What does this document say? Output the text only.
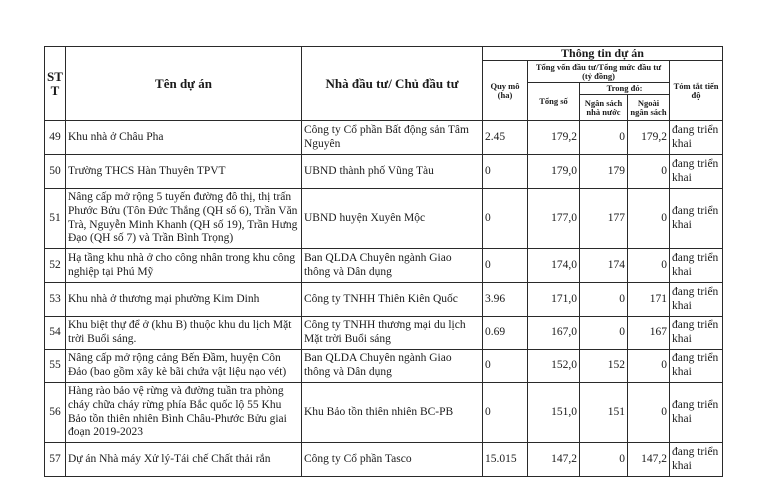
STT	Tên dự án	Nhà đầu tư/ Chủ đầu tư	Thông tin dự án				
			Quy mô (ha)	Tổng vốn đầu tư/Tổng mức đầu tư (tỷ đồng)			Tóm tắt tiến độ
				Tổng số	Trong đó:		
					Ngân sách nhà nước	Ngoài ngân sách	
49	Khu nhà ở Châu Pha	Công ty Cổ phần Bất động sản Tâm Nguyên	2.45	179,2	0	179,2	đang triển khai
50	Trường THCS Hàn Thuyên TPVT	UBND thành phố Vũng Tàu	0	179,0	179	0	đang triển khai
51	Nâng cấp mở rộng 5 tuyến đường đô thị, thị trấn Phước Bửu (Tôn Đức Thắng (QH số 6), Trần Văn Trà, Nguyễn Minh Khanh (QH số 19), Trần Hưng Đạo (QH số 7) và Trần Bình Trọng)	UBND huyện Xuyên Mộc	0	177,0	177	0	đang triển khai
52	Hạ tầng khu nhà ở cho công nhân trong khu công nghiệp tại Phú Mỹ	Ban QLDA Chuyên ngành Giao thông và Dân dụng	0	174,0	174	0	đang triển khai
53	Khu nhà ở thương mại phường Kim Dinh	Công ty TNHH Thiên Kiên Quốc	3.96	171,0	0	171	đang triển khai
54	Khu biệt thự để ở (khu B) thuộc khu du lịch Mặt trời Buổi sáng.	Công ty TNHH thương mại du lịch Mặt trời Buổi sáng	0.69	167,0	0	167	đang triển khai
55	Nâng cấp mở rộng cảng Bến Đầm, huyện Côn Đảo (bao gồm xây kè bãi chứa vật liệu nạo vét)	Ban QLDA Chuyên ngành Giao thông và Dân dụng	0	152,0	152	0	đang triển khai
56	Hàng rào bảo vệ rừng và đường tuần tra phòng cháy chữa cháy rừng phía Bắc quốc lộ 55 Khu Bảo tồn thiên nhiên Bình Châu-Phước Bửu giai đoạn 2019-2023	Khu Bảo tồn thiên nhiên BC-PB	0	151,0	151	0	đang triển khai
57	Dự án Nhà máy Xử lý-Tái chế Chất thải rắn	Công ty Cổ phần Tasco	15.015	147,2	0	147,2	đang triển khai
